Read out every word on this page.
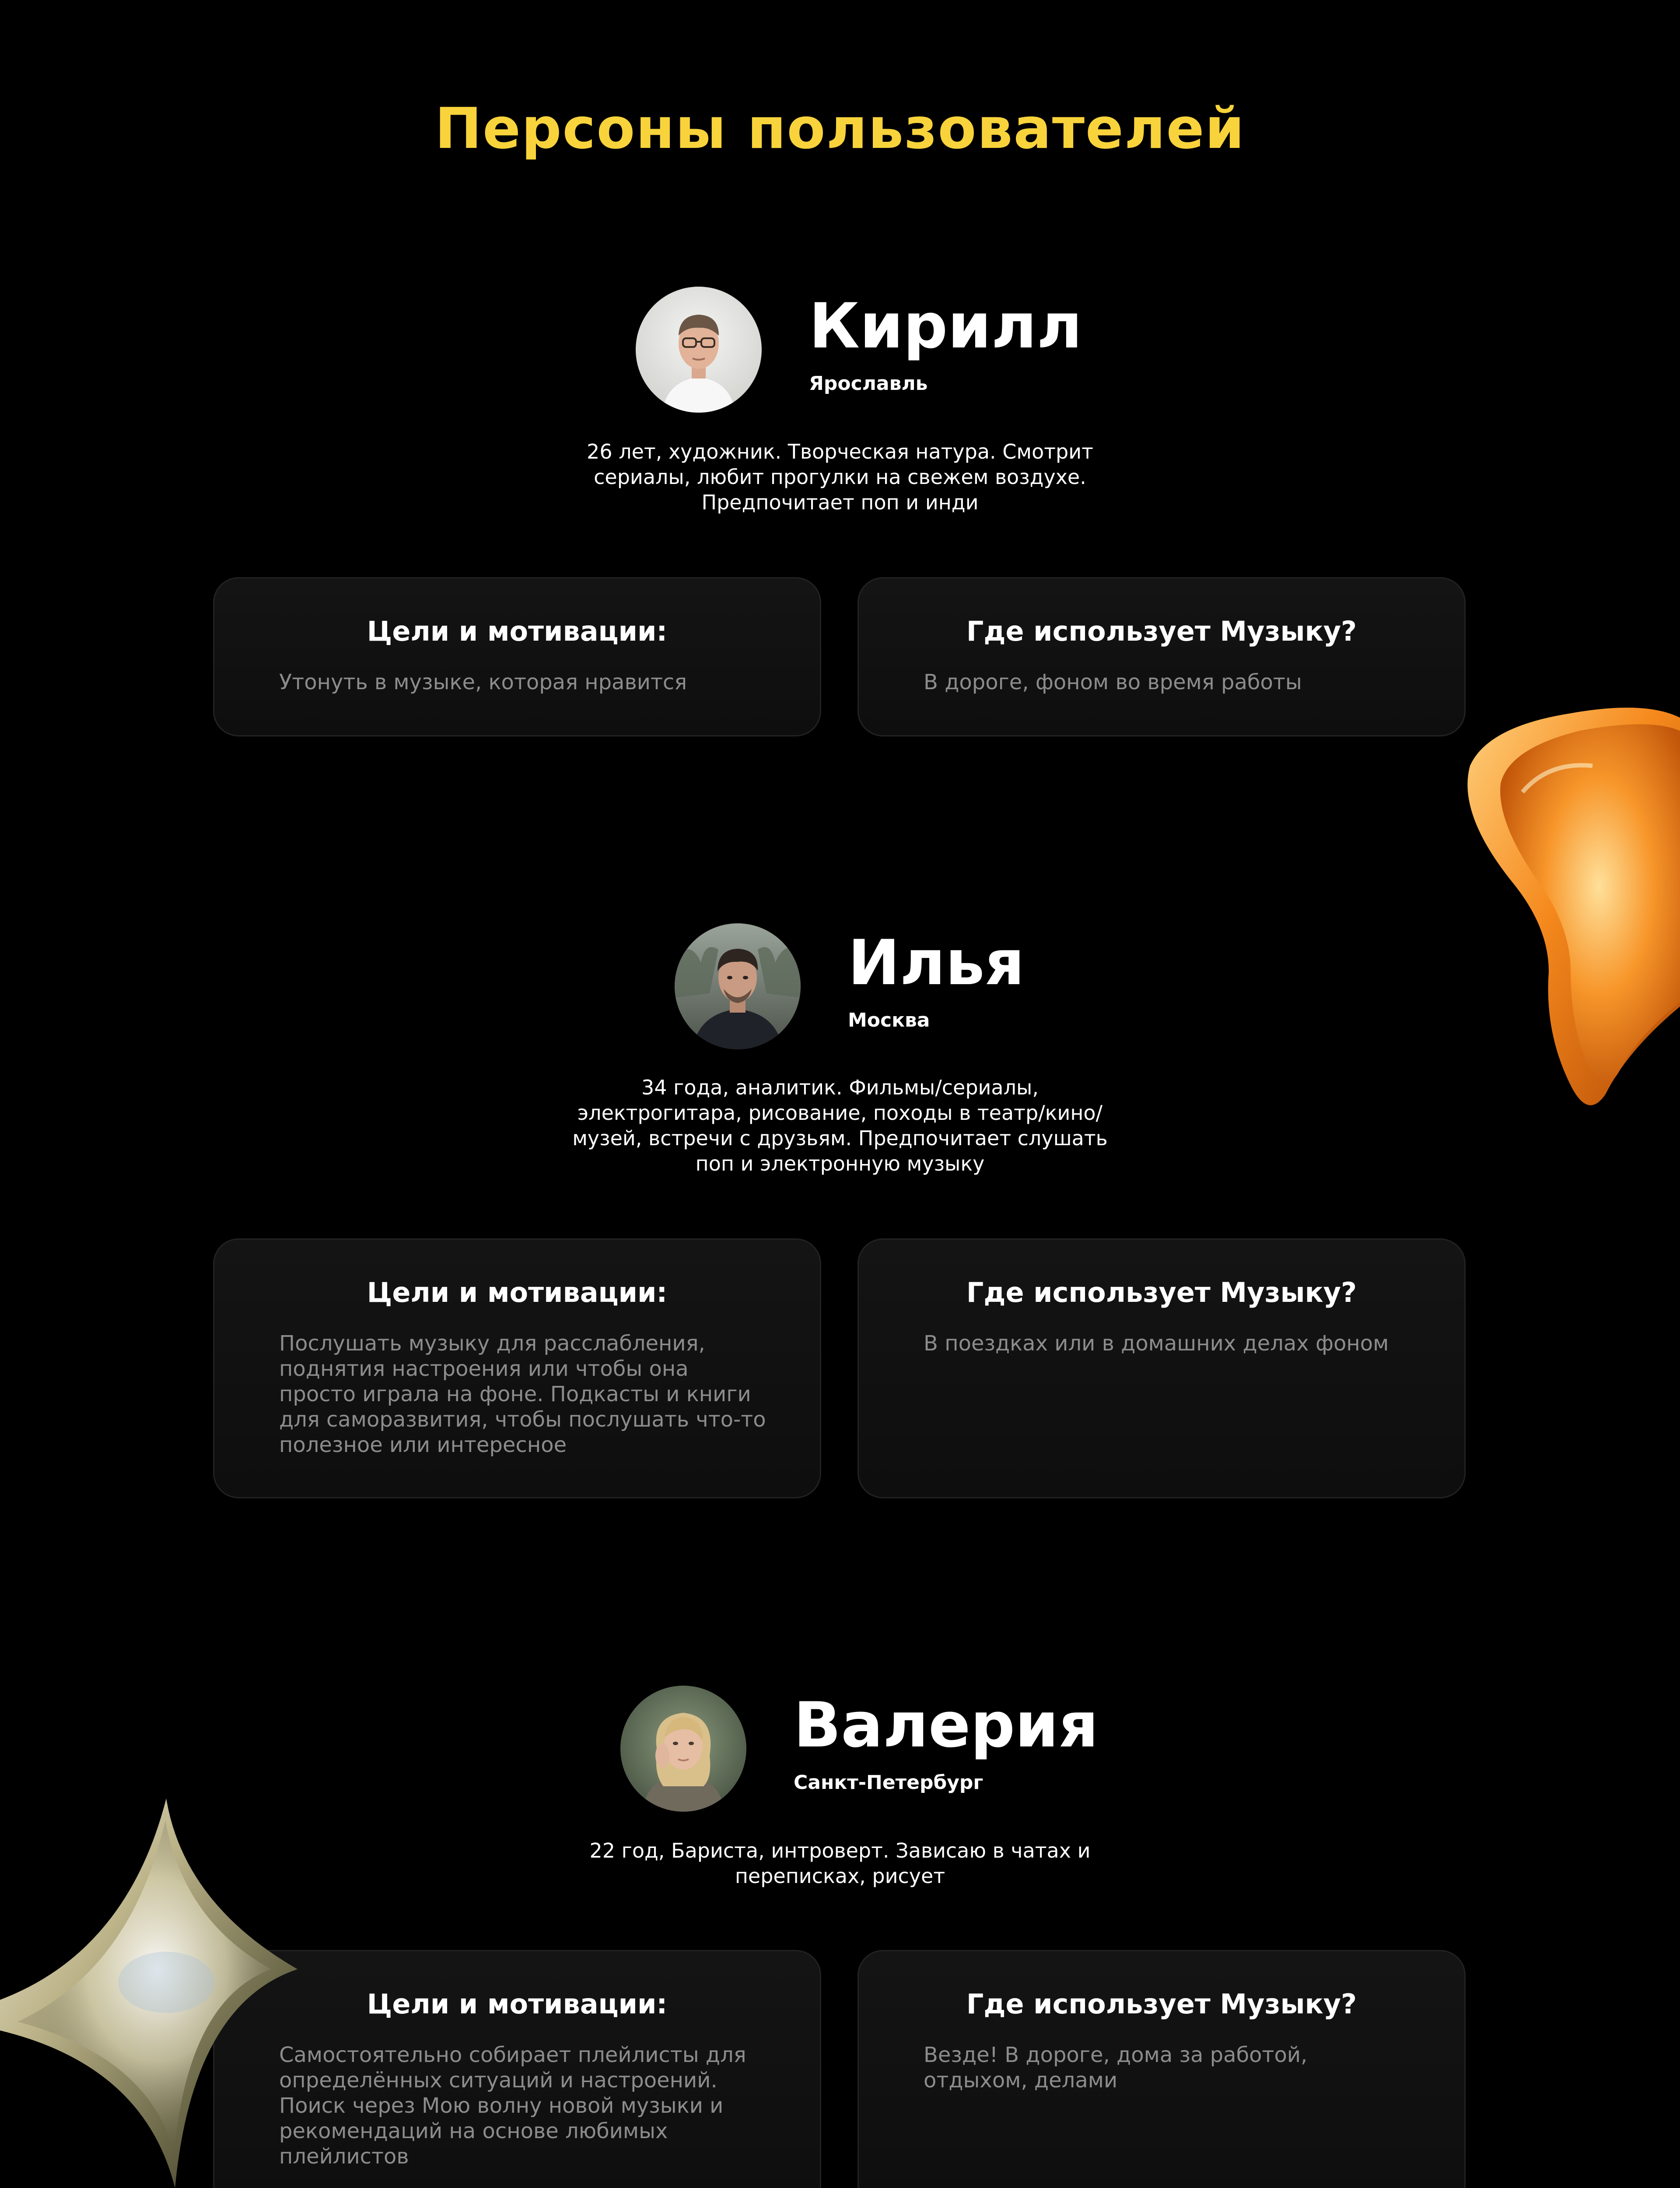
Персоны пользователей
Кирилл
Ярославль
26 лет, художник. Творческая натура. Смотрит сериалы, любит прогулки на свежем воздухе. Предпочитает поп и инди
Цели и мотивации:
Утонуть в музыке, которая нравится
Где использует Музыку?
В дороге, фоном во время работы
Илья
Москва
34 года, аналитик. Фильмы/сериалы, электрогитара, рисование, походы в театр/кино/музей, встречи с друзьям. Предпочитает слушать поп и электронную музыку
Цели и мотивации:
Послушать музыку для расслабления, поднятия настроения или чтобы она просто играла на фоне. Подкасты и книги для саморазвития, чтобы послушать что-то полезное или интересное
Где использует Музыку?
В поездках или в домашних делах фоном
Валерия
Санкт-Петербург
22 год, Бариста, интроверт. Зависаю в чатах и переписках, рисует
Цели и мотивации:
Самостоятельно собирает плейлисты для определённых ситуаций и настроений. Поиск через Мою волну новой музыки и рекомендаций на основе любимых плейлистов
Где использует Музыку?
Везде! В дороге, дома за работой, отдыхом, делами
